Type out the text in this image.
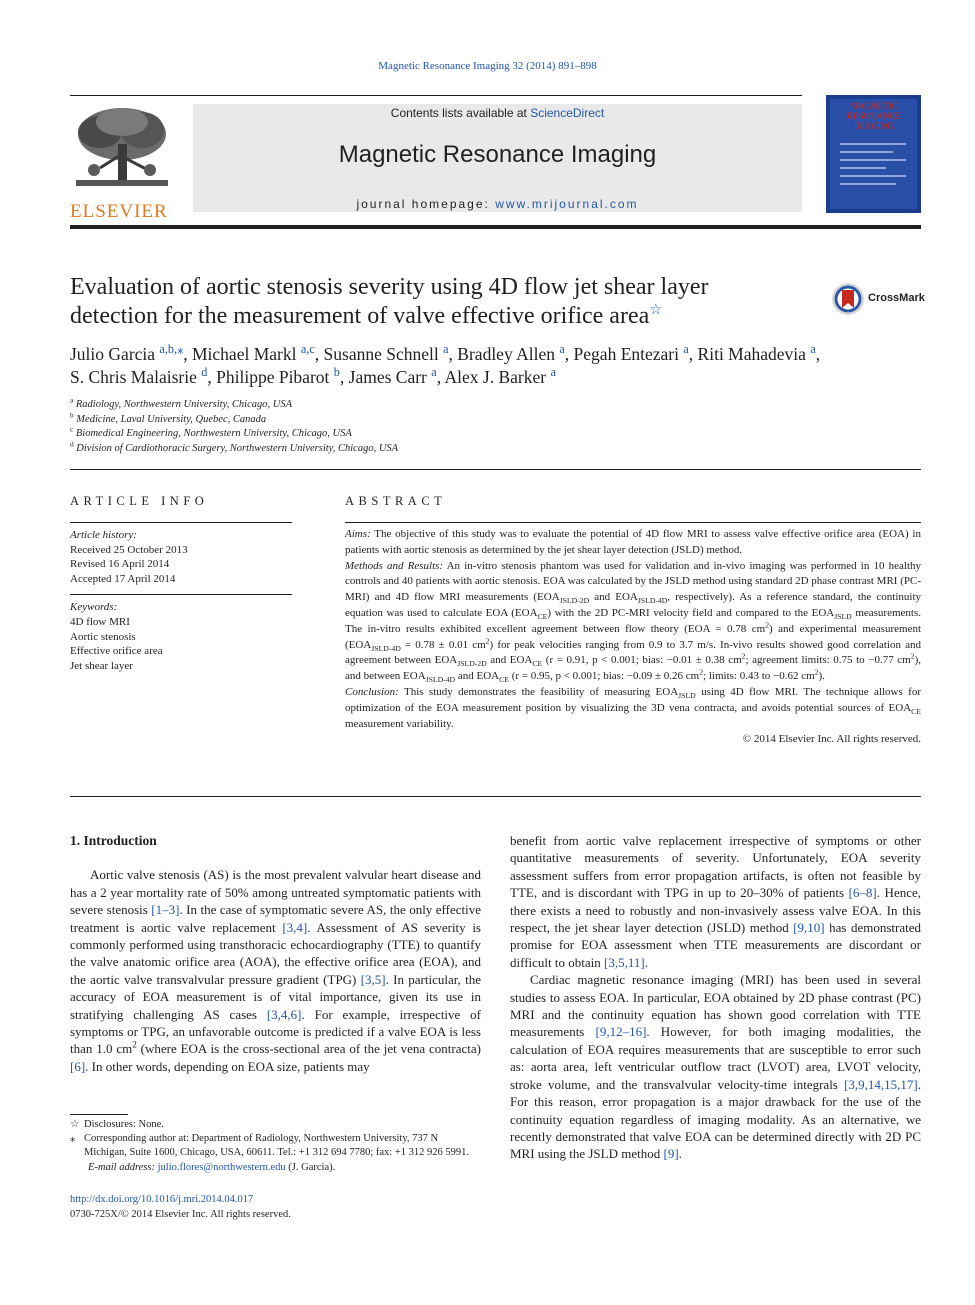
Magnetic Resonance Imaging 32 (2014) 891–898
ELSEVIER
Contents lists available at ScienceDirect
Magnetic Resonance Imaging
journal homepage: www.mrijournal.com
MAGNETIC
RESONANCE
IMAGING
Evaluation of aortic stenosis severity using 4D flow jet shear layer
detection for the measurement of valve effective orifice area☆
CrossMark
Julio Garcia $^{a,b,⁎}$, Michael Markl $^{a,c}$, Susanne Schnell $^a$, Bradley Allen $^a$, Pegah Entezari $^a$, Riti Mahadevia $^a$,
S. Chris Malaisrie $^d$, Philippe Pibarot $^b$, James Carr $^a$, Alex J. Barker $^a$
$^a$ Radiology, Northwestern University, Chicago, USA
$^b$ Medicine, Laval University, Quebec, Canada
$^c$ Biomedical Engineering, Northwestern University, Chicago, USA
$^d$ Division of Cardiothoracic Surgery, Northwestern University, Chicago, USA
ARTICLE INFO
Article history:
Received 25 October 2013
Revised 16 April 2014
Accepted 17 April 2014
Keywords:
4D flow MRI
Aortic stenosis
Effective orifice area
Jet shear layer
ABSTRACT

Aims: The objective of this study was to evaluate the potential of 4D flow MRI to assess valve effective orifice area (EOA) in patients with aortic stenosis as determined by the jet shear layer detection (JSLD) method.

Methods and Results: An in-vitro stenosis phantom was used for validation and in-vivo imaging was performed in 10 healthy controls and 40 patients with aortic stenosis. EOA was calculated by the JSLD method using standard 2D phase contrast MRI (PC-MRI) and 4D flow MRI measurements ($EOA_{JSLD-2D}$ and $EOA_{JSLD-4D}$, respectively). As a reference standard, the continuity equation was used to calculate EOA $(EOA_{CE})$ with the 2D PC-MRI velocity field and compared to the $EOA_{JSLD}$ measurements. The in-vitro results exhibited excellent agreement between flow theory (EOA = 0.78 $cm^2$) and experimental measurement ($EOA_{JSLD-4D} = 0.78 \pm 0.01$ $cm^2$) for peak velocities ranging from 0.9 to 3.7 m/s. In-vivo results showed good correlation and agreement between $EOA_{JSLD-2D}$ and $EOA_{CE}$ (r = 0.91, p < 0.001; bias: −0.01 ± 0.38 $cm^2$; agreement limits: 0.75 to −0.77 $cm^2$), and between $EOA_{JSLD-4D}$ and $EOA_{CE}$ (r = 0.95, p < 0.001; bias: −0.09 ± 0.26 $cm^2$; limits: 0.43 to −0.62 $cm^2$).

Conclusion: This study demonstrates the feasibility of measuring $EOA_{JSLD}$ using 4D flow MRI. The technique allows for optimization of the EOA measurement position by visualizing the 3D vena contracta, and avoids potential sources of $EOA_{CE}$ measurement variability.

© 2014 Elsevier Inc. All rights reserved.

1. Introduction

Aortic valve stenosis (AS) is the most prevalent valvular heart disease and has a 2 year mortality rate of 50% among untreated symptomatic patients with severe stenosis [1–3]. In the case of symptomatic severe AS, the only effective treatment is aortic valve replacement [3,4]. Assessment of AS severity is commonly performed using transthoracic echocardiography (TTE) to quantify the valve anatomic orifice area (AOA), the effective orifice area (EOA), and the aortic valve transvalvular pressure gradient (TPG) [3,5]. In particular, the accuracy of EOA measurement is of vital importance, given its use in stratifying challenging AS cases [3,4,6]. For example, irrespective of symptoms or TPG, an unfavorable outcome is predicted if a valve EOA is less than 1.0 $cm^2$ (where EOA is the cross-sectional area of the jet vena contracta) [6]. In other words, depending on EOA size, patients may

benefit from aortic valve replacement irrespective of symptoms or other quantitative measurements of severity. Unfortunately, EOA severity assessment suffers from error propagation artifacts, is often not feasible by TTE, and is discordant with TPG in up to 20–30% of patients [6–8]. Hence, there exists a need to robustly and non-invasively assess valve EOA. In this respect, the jet shear layer detection (JSLD) method [9,10] has demonstrated promise for EOA assessment when TTE measurements are discordant or difficult to obtain [3,5,11].

Cardiac magnetic resonance imaging (MRI) has been used in several studies to assess EOA. In particular, EOA obtained by 2D phase contrast (PC) MRI and the continuity equation has shown good correlation with TTE measurements [9,12–16]. However, for both imaging modalities, the calculation of EOA requires measurements that are susceptible to error such as: aorta area, left ventricular outflow tract (LVOT) area, LVOT velocity, stroke volume, and the transvalvular velocity-time integrals [3,9,14,15,17]. For this reason, error propagation is a major drawback for the use of the continuity equation regardless of imaging modality. As an alternative, we recently demonstrated that valve EOA can be determined directly with 2D PC MRI using the JSLD method [9].

☆ Disclosures: None.
⁎ Corresponding author at: Department of Radiology, Northwestern University, 737 N Michigan, Suite 1600, Chicago, USA, 60611. Tel.: +1 312 694 7780; fax: +1 312 926 5991.
E-mail address: julio.flores@northwestern.edu (J. Garcia).
http://dx.doi.org/10.1016/j.mri.2014.04.017
0730-725X/© 2014 Elsevier Inc. All rights reserved.
